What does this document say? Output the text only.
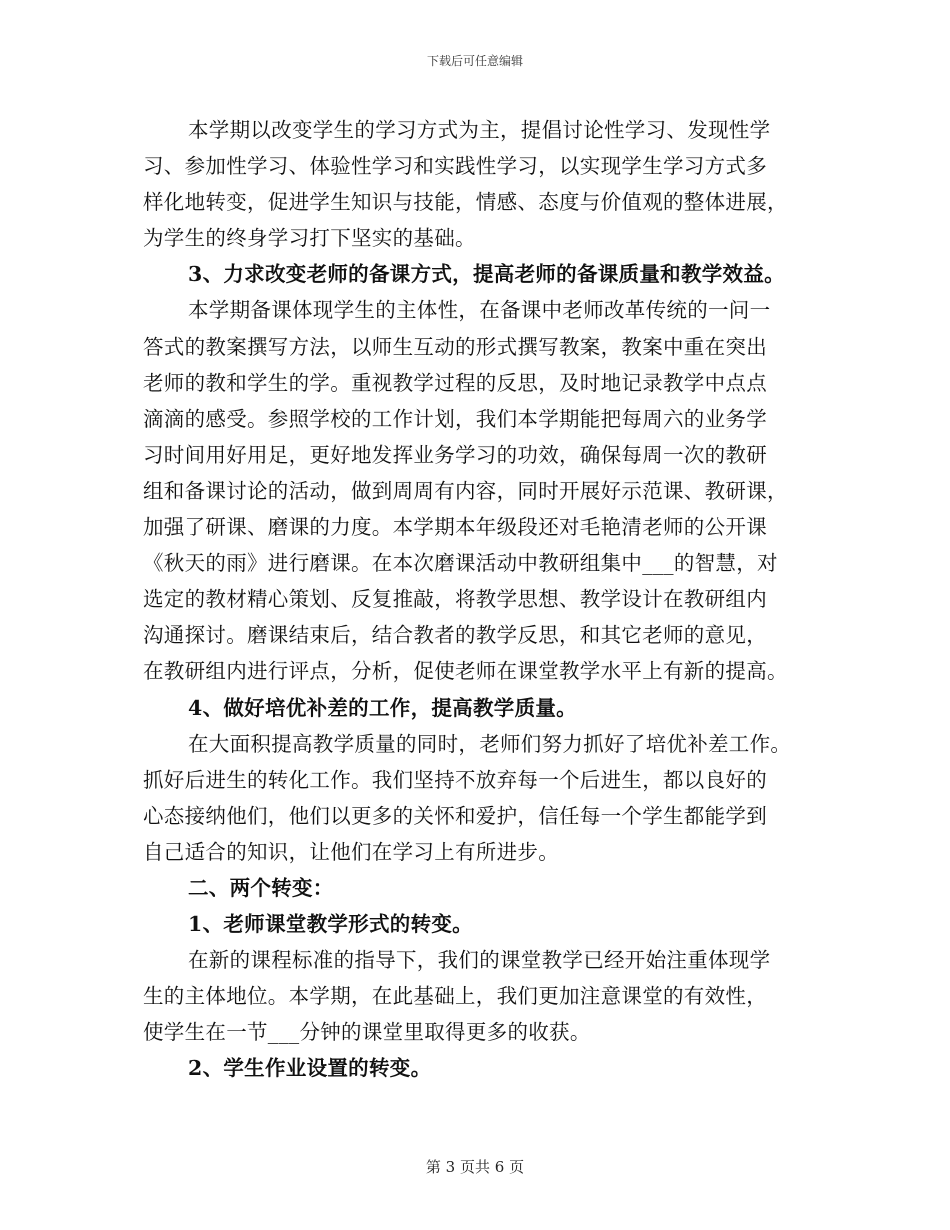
下载后可任意编辑
本学期以改变学生的学习方式为主，提倡讨论性学习、发现性学
习、参加性学习、体验性学习和实践性学习，以实现学生学习方式多
样化地转变，促进学生知识与技能，情感、态度与价值观的整体进展，
为学生的终身学习打下坚实的基础。
3、力求改变老师的备课方式，提高老师的备课质量和教学效益。
本学期备课体现学生的主体性，在备课中老师改革传统的一问一
答式的教案撰写方法，以师生互动的形式撰写教案，教案中重在突出
老师的教和学生的学。重视教学过程的反思，及时地记录教学中点点
滴滴的感受。参照学校的工作计划，我们本学期能把每周六的业务学
习时间用好用足，更好地发挥业务学习的功效，确保每周一次的教研
组和备课讨论的活动，做到周周有内容，同时开展好示范课、教研课，
加强了研课、磨课的力度。本学期本年级段还对毛艳清老师的公开课
《秋天的雨》进行磨课。在本次磨课活动中教研组集中___的智慧，对
选定的教材精心策划、反复推敲，将教学思想、教学设计在教研组内
沟通探讨。磨课结束后，结合教者的教学反思，和其它老师的意见，
在教研组内进行评点，分析，促使老师在课堂教学水平上有新的提高。
4、做好培优补差的工作，提高教学质量。
在大面积提高教学质量的同时，老师们努力抓好了培优补差工作。
抓好后进生的转化工作。我们坚持不放弃每一个后进生，都以良好的
心态接纳他们，他们以更多的关怀和爱护，信任每一个学生都能学到
自己适合的知识，让他们在学习上有所进步。
二、两个转变：
1、老师课堂教学形式的转变。
在新的课程标准的指导下，我们的课堂教学已经开始注重体现学
生的主体地位。本学期，在此基础上，我们更加注意课堂的有效性，
使学生在一节___分钟的课堂里取得更多的收获。
2、学生作业设置的转变。
第 3 页共 6 页
